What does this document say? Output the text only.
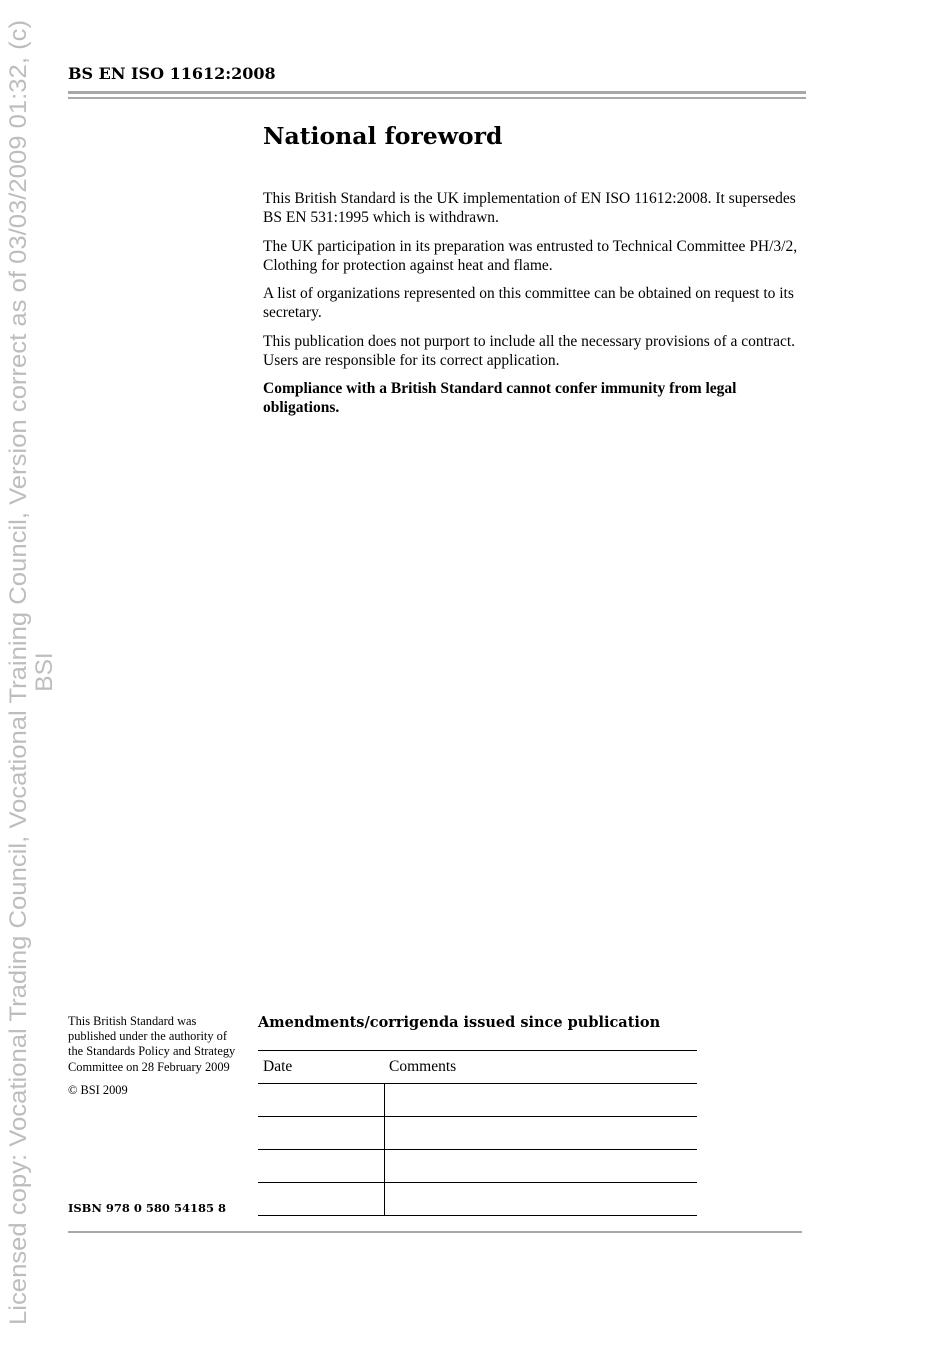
Licensed copy: Vocational Trading Council, Vocational Training Council, Version correct as of 03/03/2009 01:32, (c) BSI
BS EN ISO 11612:2008
National foreword

This British Standard is the UK implementation of EN ISO 11612:2008. It supersedes BS EN 531:1995 which is withdrawn.

The UK participation in its preparation was entrusted to Technical Committee PH/3/2, Clothing for protection against heat and flame.

A list of organizations represented on this committee can be obtained on request to its secretary.

This publication does not purport to include all the necessary provisions of a contract. Users are responsible for its correct application.

Compliance with a British Standard cannot confer immunity from legal obligations.

This British Standard was published under the authority of the Standards Policy and Strategy Committee on 28 February 2009

© BSI 2009

ISBN 978 0 580 54185 8
Amendments/corrigenda issued since publication
Date	Comments
